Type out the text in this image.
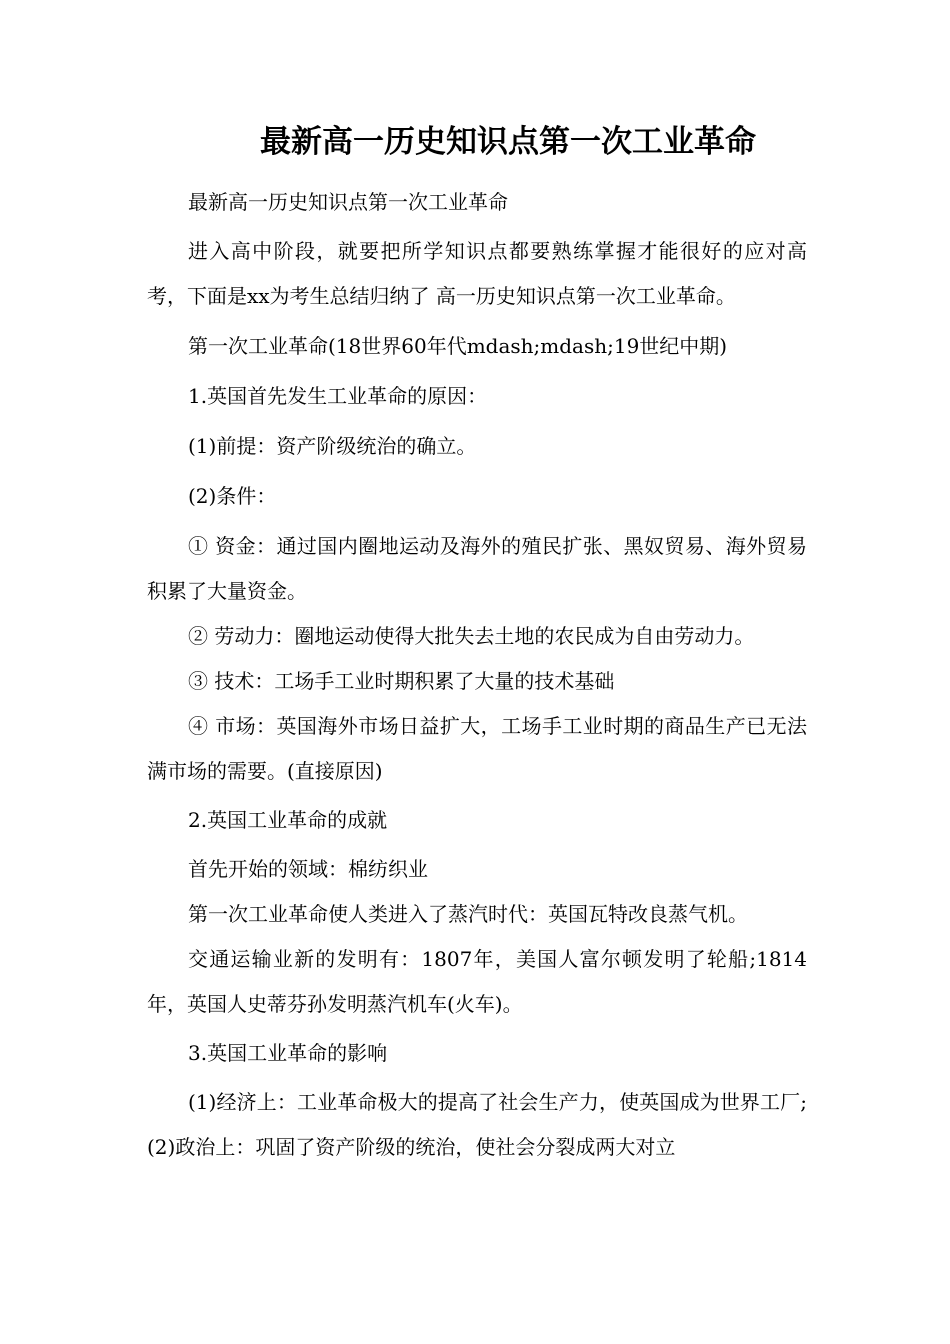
最新高一历史知识点第一次工业革命

最新高一历史知识点第一次工业革命

进入高中阶段，就要把所学知识点都要熟练掌握才能很好的应对高考，下面是xx为考生总结归纳了 高一历史知识点第一次工业革命。

第一次工业革命(18世界60年代mdash;mdash;19世纪中期)

1.英国首先发生工业革命的原因：

(1)前提：资产阶级统治的确立。

(2)条件：

① 资金：通过国内圈地运动及海外的殖民扩张、黑奴贸易、海外贸易积累了大量资金。

② 劳动力：圈地运动使得大批失去土地的农民成为自由劳动力。

③ 技术：工场手工业时期积累了大量的技术基础

④ 市场：英国海外市场日益扩大，工场手工业时期的商品生产已无法满市场的需要。(直接原因)

2.英国工业革命的成就

首先开始的领域：棉纺织业

第一次工业革命使人类进入了蒸汽时代：英国瓦特改良蒸气机。

交通运输业新的发明有：1807年，美国人富尔顿发明了轮船;1814年，英国人史蒂芬孙发明蒸汽机车(火车)。

3.英国工业革命的影响

(1)经济上：工业革命极大的提高了社会生产力，使英国成为世界工厂;(2)政治上：巩固了资产阶级的统治，使社会分裂成两大对立
